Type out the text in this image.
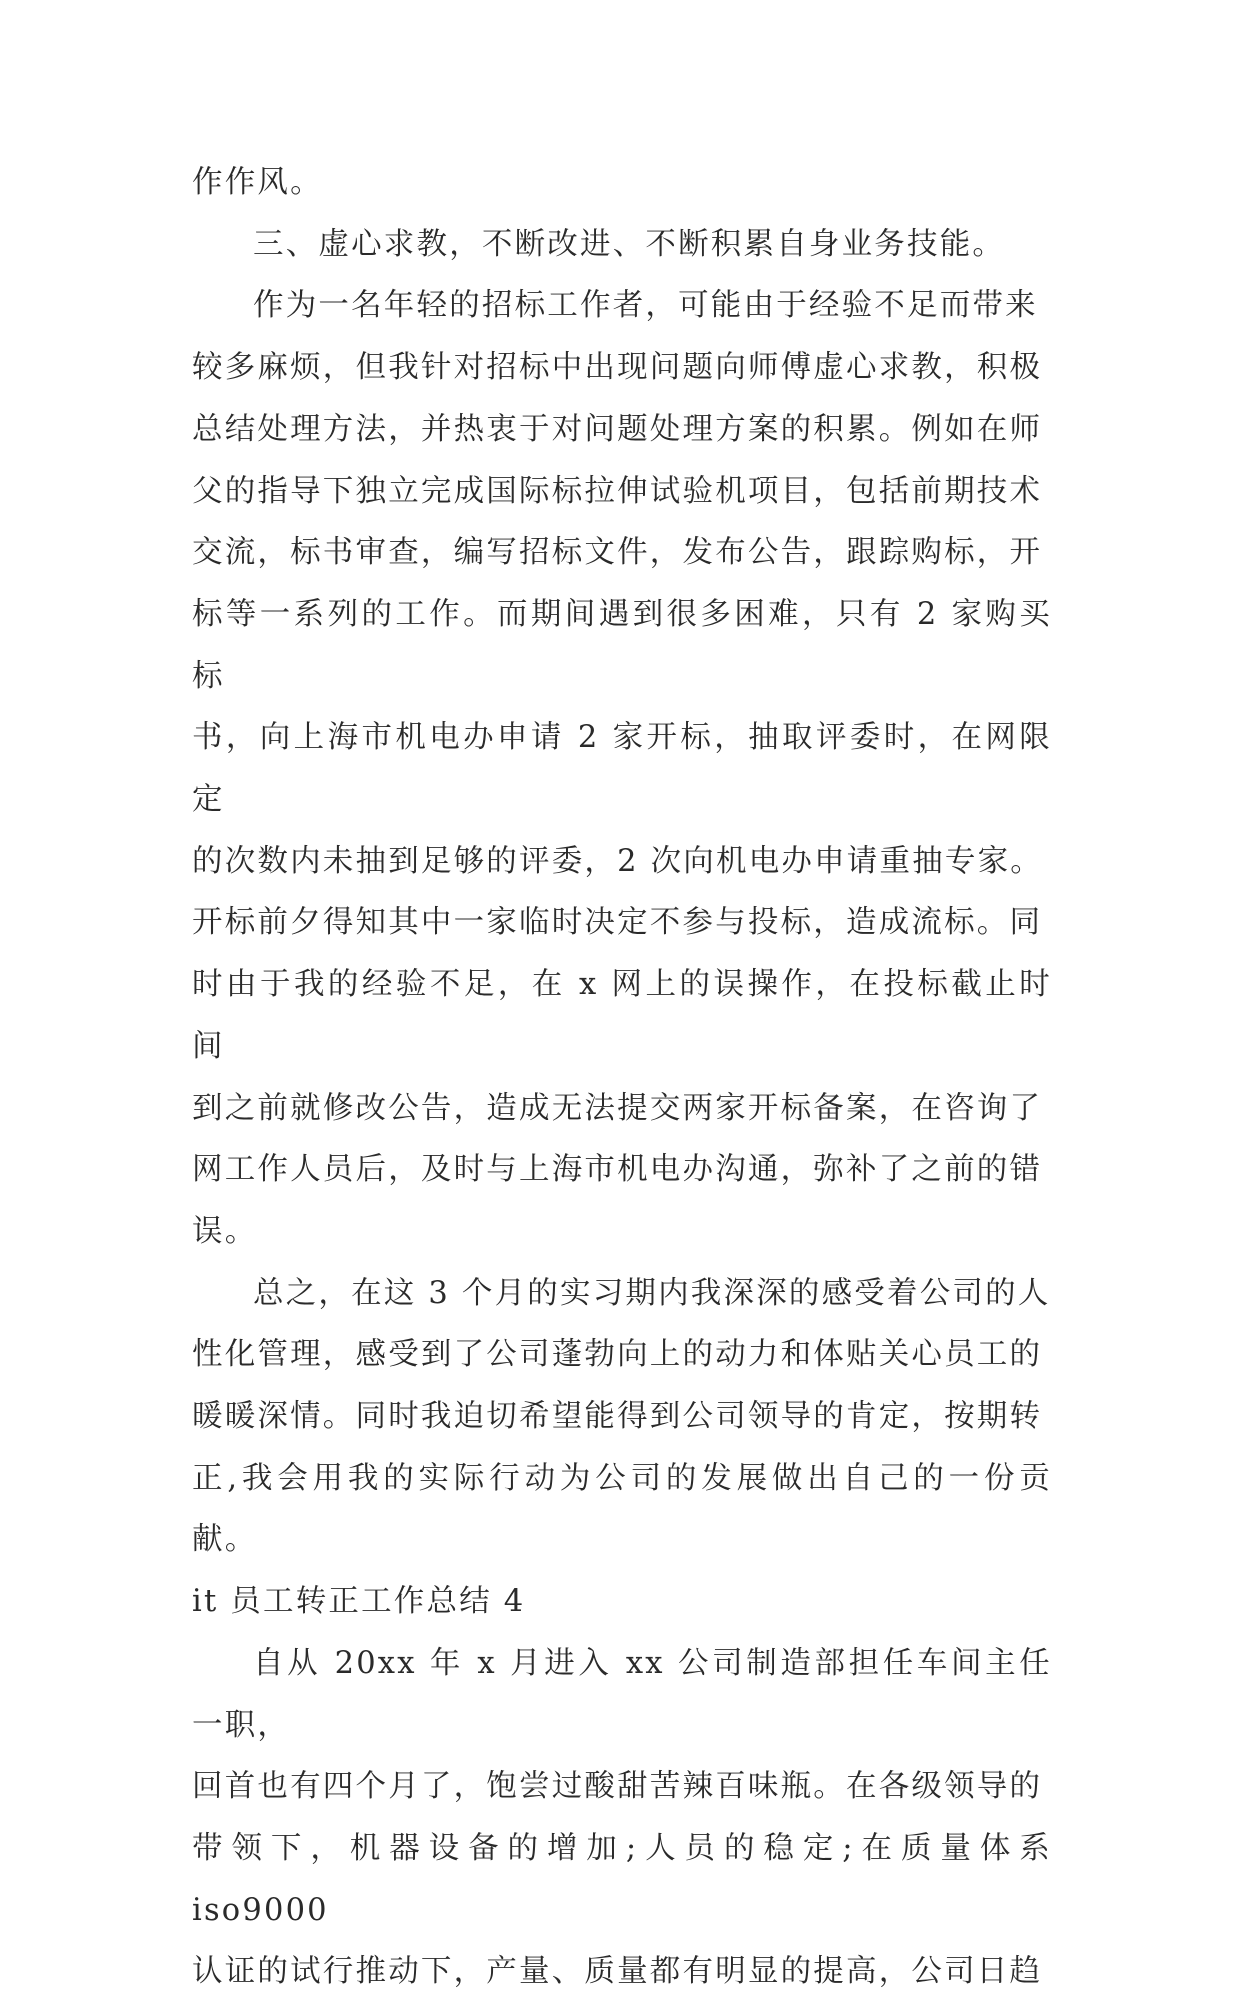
作作风。

三、虚心求教，不断改进、不断积累自身业务技能。

作为一名年轻的招标工作者，可能由于经验不足而带来
较多麻烦，但我针对招标中出现问题向师傅虚心求教，积极
总结处理方法，并热衷于对问题处理方案的积累。例如在师
父的指导下独立完成国际标拉伸试验机项目，包括前期技术
交流，标书审查，编写招标文件，发布公告，跟踪购标，开
标等一系列的工作。而期间遇到很多困难，只有 2 家购买标
书，向上海市机电办申请 2 家开标，抽取评委时，在网限定
的次数内未抽到足够的评委，2 次向机电办申请重抽专家。
开标前夕得知其中一家临时决定不参与投标，造成流标。同
时由于我的经验不足，在 x 网上的误操作，在投标截止时间
到之前就修改公告，造成无法提交两家开标备案，在咨询了
网工作人员后，及时与上海市机电办沟通，弥补了之前的错
误。

总之，在这 3 个月的实习期内我深深的感受着公司的人
性化管理，感受到了公司蓬勃向上的动力和体贴关心员工的
暖暖深情。同时我迫切希望能得到公司领导的肯定，按期转
正,我会用我的实际行动为公司的发展做出自己的一份贡献。

it 员工转正工作总结 4

自从 20xx 年 x 月进入 xx 公司制造部担任车间主任一职，
回首也有四个月了，饱尝过酸甜苦辣百味瓶。在各级领导的
带领下，机器设备的增加;人员的稳定;在质量体系 iso9000
认证的试行推动下，产量、质量都有明显的提高，公司日趋
